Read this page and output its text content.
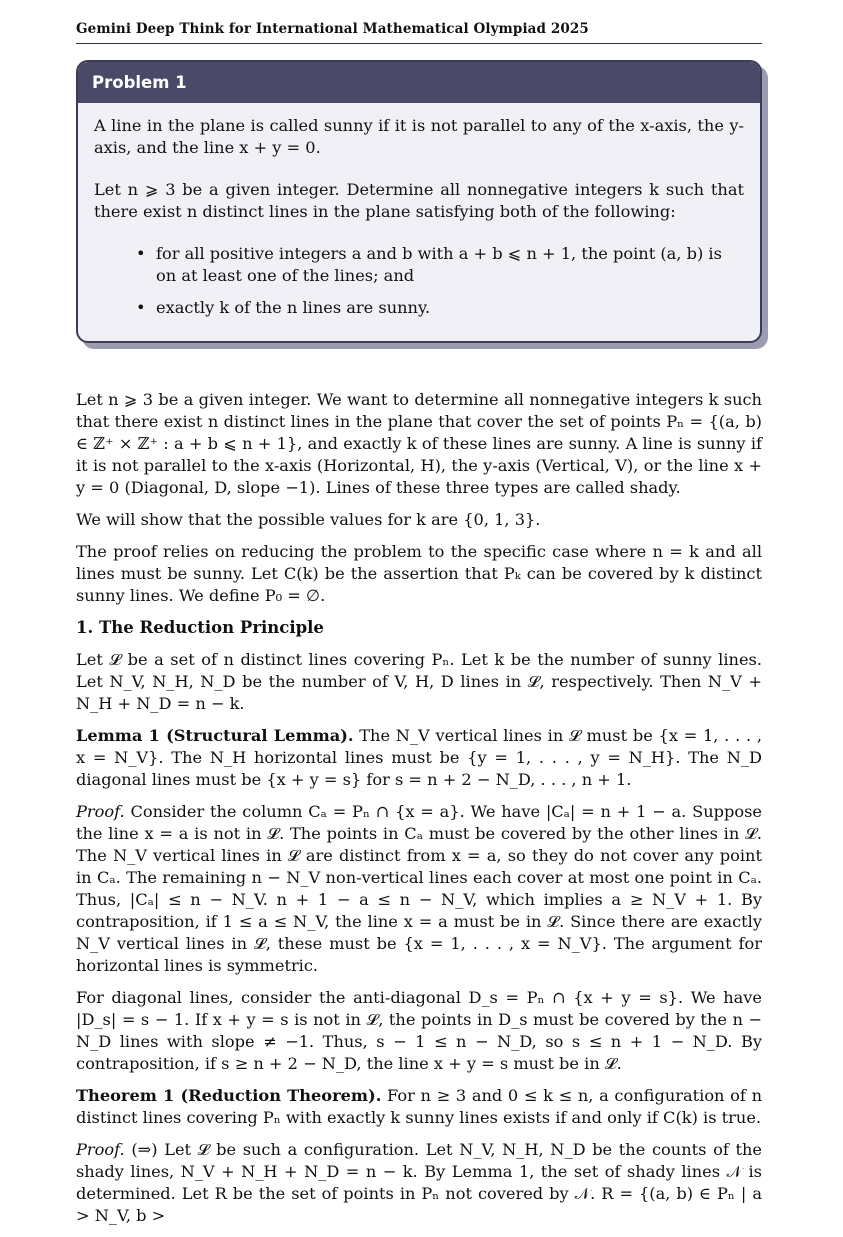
Gemini Deep Think for International Mathematical Olympiad 2025
Problem 1

A line in the plane is called sunny if it is not parallel to any of the x-axis, the y-axis, and the line x + y = 0.

Let n ⩾ 3 be a given integer. Determine all nonnegative integers k such that there exist n distinct lines in the plane satisfying both of the following:

• for all positive integers a and b with a + b ⩽ n + 1, the point (a, b) is on at least one of the lines; and
• exactly k of the n lines are sunny.

Let n ⩾ 3 be a given integer. We want to determine all nonnegative integers k such that there exist n distinct lines in the plane that cover the set of points Pₙ = {(a, b) ∈ ℤ⁺ × ℤ⁺ : a + b ⩽ n + 1}, and exactly k of these lines are sunny. A line is sunny if it is not parallel to the x-axis (Horizontal, H), the y-axis (Vertical, V), or the line x + y = 0 (Diagonal, D, slope −1). Lines of these three types are called shady.

We will show that the possible values for k are {0, 1, 3}.

The proof relies on reducing the problem to the specific case where n = k and all lines must be sunny. Let C(k) be the assertion that Pₖ can be covered by k distinct sunny lines. We define P₀ = ∅.

1. The Reduction Principle

Let 𝓛 be a set of n distinct lines covering Pₙ. Let k be the number of sunny lines. Let N_V, N_H, N_D be the number of V, H, D lines in 𝓛, respectively. Then N_V + N_H + N_D = n − k.

Lemma 1 (Structural Lemma). The N_V vertical lines in 𝓛 must be {x = 1, . . . , x = N_V}. The N_H horizontal lines must be {y = 1, . . . , y = N_H}. The N_D diagonal lines must be {x + y = s} for s = n + 2 − N_D, . . . , n + 1.

Proof. Consider the column Cₐ = Pₙ ∩ {x = a}. We have |Cₐ| = n + 1 − a. Suppose the line x = a is not in 𝓛. The points in Cₐ must be covered by the other lines in 𝓛. The N_V vertical lines in 𝓛 are distinct from x = a, so they do not cover any point in Cₐ. The remaining n − N_V non-vertical lines each cover at most one point in Cₐ. Thus, |Cₐ| ≤ n − N_V. n + 1 − a ≤ n − N_V, which implies a ≥ N_V + 1. By contraposition, if 1 ≤ a ≤ N_V, the line x = a must be in 𝓛. Since there are exactly N_V vertical lines in 𝓛, these must be {x = 1, . . . , x = N_V}. The argument for horizontal lines is symmetric.

For diagonal lines, consider the anti-diagonal D_s = Pₙ ∩ {x + y = s}. We have |D_s| = s − 1. If x + y = s is not in 𝓛, the points in D_s must be covered by the n − N_D lines with slope ≠ −1. Thus, s − 1 ≤ n − N_D, so s ≤ n + 1 − N_D. By contraposition, if s ≥ n + 2 − N_D, the line x + y = s must be in 𝓛.

Theorem 1 (Reduction Theorem). For n ≥ 3 and 0 ≤ k ≤ n, a configuration of n distinct lines covering Pₙ with exactly k sunny lines exists if and only if C(k) is true.

Proof. (⇒) Let 𝓛 be such a configuration. Let N_V, N_H, N_D be the counts of the shady lines, N_V + N_H + N_D = n − k. By Lemma 1, the set of shady lines 𝒩 is determined. Let R be the set of points in Pₙ not covered by 𝒩. R = {(a, b) ∈ Pₙ | a > N_V, b >
